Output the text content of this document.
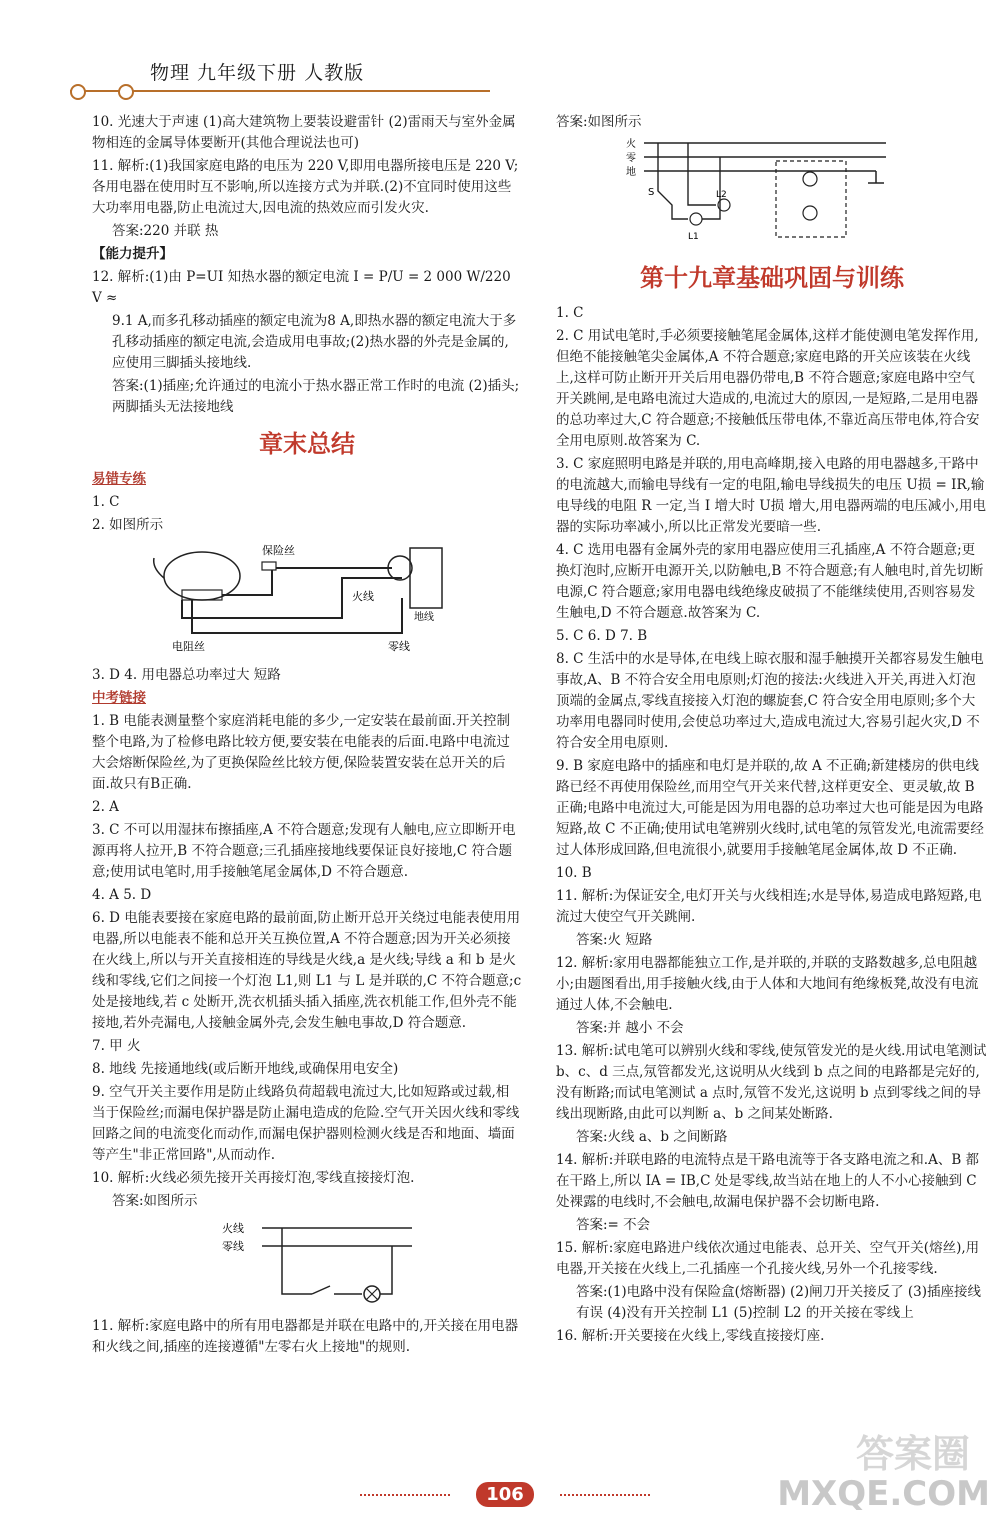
物理 九年级下册 人教版

10. 光速大于声速 (1)高大建筑物上要装设避雷针 (2)雷雨天与室外金属物相连的金属导体要断开(其他合理说法也可)

11. 解析:(1)我国家庭电路的电压为 220 V,即用电器所接电压是 220 V;各用电器在使用时互不影响,所以连接方式为并联.(2)不宜同时使用这些大功率用电器,防止电流过大,因电流的热效应而引发火灾.

答案:220 并联 热

【能力提升】

12. 解析:(1)由 P=UI 知热水器的额定电流 I = P/U = 2 000 W/220 V ≈

9.1 A,而多孔移动插座的额定电流为8 A,即热水器的额定电流大于多孔移动插座的额定电流,会造成用电事故;(2)热水器的外壳是金属的,应使用三脚插头接地线.

答案:(1)插座;允许通过的电流小于热水器正常工作时的电流 (2)插头;两脚插头无法接地线

章末总结

易错专练

1. C

2. 如图所示

保险丝
火线
地线
零线
电阻丝

3. D 4. 用电器总功率过大 短路

中考链接

1. B 电能表测量整个家庭消耗电能的多少,一定安装在最前面.开关控制整个电路,为了检修电路比较方便,要安装在电能表的后面.电路中电流过大会熔断保险丝,为了更换保险丝比较方便,保险装置安装在总开关的后面.故只有B正确.

2. A

3. C 不可以用湿抹布擦插座,A 不符合题意;发现有人触电,应立即断开电源再将人拉开,B 不符合题意;三孔插座接地线要保证良好接地,C 符合题意;使用试电笔时,用手接触笔尾金属体,D 不符合题意.

4. A 5. D

6. D 电能表要接在家庭电路的最前面,防止断开总开关绕过电能表使用用电器,所以电能表不能和总开关互换位置,A 不符合题意;因为开关必须接在火线上,所以与开关直接相连的导线是火线,a 是火线;导线 a 和 b 是火线和零线,它们之间接一个灯泡 L1,则 L1 与 L 是并联的,C 不符合题意;c 处是接地线,若 c 处断开,洗衣机插头插入插座,洗衣机能工作,但外壳不能接地,若外壳漏电,人接触金属外壳,会发生触电事故,D 符合题意.

7. 甲 火

8. 地线 先接通地线(或后断开地线,或确保用电安全)

9. 空气开关主要作用是防止线路负荷超载电流过大,比如短路或过载,相当于保险丝;而漏电保护器是防止漏电造成的危险.空气开关因火线和零线回路之间的电流变化而动作,而漏电保护器则检测火线是否和地面、墙面等产生"非正常回路",从而动作.

10. 解析:火线必须先接开关再接灯泡,零线直接接灯泡.

答案:如图所示

火线
零线

11. 解析:家庭电路中的所有用电器都是并联在电路中的,开关接在用电器和火线之间,插座的连接遵循"左零右火上接地"的规则.

答案:如图所示

火
零
地
S
L1
L2
第十九章基础巩固与训练

1. C

2. C 用试电笔时,手必须要接触笔尾金属体,这样才能使测电笔发挥作用,但绝不能接触笔尖金属体,A 不符合题意;家庭电路的开关应该装在火线上,这样可防止断开开关后用电器仍带电,B 不符合题意;家庭电路中空气开关跳闸,是电路电流过大造成的,电流过大的原因,一是短路,二是用电器的总功率过大,C 符合题意;不接触低压带电体,不靠近高压带电体,符合安全用电原则.故答案为 C.

3. C 家庭照明电路是并联的,用电高峰期,接入电路的用电器越多,干路中的电流越大,而输电导线有一定的电阻,输电导线损失的电压 U损 = IR,输电导线的电阻 R 一定,当 I 增大时 U损 增大,用电器两端的电压减小,用电器的实际功率减小,所以比正常发光要暗一些.

4. C 选用电器有金属外壳的家用电器应使用三孔插座,A 不符合题意;更换灯泡时,应断开电源开关,以防触电,B 不符合题意;有人触电时,首先切断电源,C 符合题意;家用电器电线绝缘皮破损了不能继续使用,否则容易发生触电,D 不符合题意.故答案为 C.

5. C 6. D 7. B

8. C 生活中的水是导体,在电线上晾衣服和湿手触摸开关都容易发生触电事故,A、B 不符合安全用电原则;灯泡的接法:火线进入开关,再进入灯泡顶端的金属点,零线直接接入灯泡的螺旋套,C 符合安全用电原则;多个大功率用电器同时使用,会使总功率过大,造成电流过大,容易引起火灾,D 不符合安全用电原则.

9. B 家庭电路中的插座和电灯是并联的,故 A 不正确;新建楼房的供电线路已经不再使用保险丝,而用空气开关来代替,这样更安全、更灵敏,故 B 正确;电路中电流过大,可能是因为用电器的总功率过大也可能是因为电路短路,故 C 不正确;使用试电笔辨别火线时,试电笔的氖管发光,电流需要经过人体形成回路,但电流很小,就要用手接触笔尾金属体,故 D 不正确.

10. B

11. 解析:为保证安全,电灯开关与火线相连;水是导体,易造成电路短路,电流过大使空气开关跳闸.

答案:火 短路

12. 解析:家用电器都能独立工作,是并联的,并联的支路数越多,总电阻越小;由题图看出,用手接触火线,由于人体和大地间有绝缘板凳,故没有电流通过人体,不会触电.

答案:并 越小 不会

13. 解析:试电笔可以辨别火线和零线,使氖管发光的是火线.用试电笔测试 b、c、d 三点,氖管都发光,这说明从火线到 b 点之间的电路都是完好的,没有断路;而试电笔测试 a 点时,氖管不发光,这说明 b 点到零线之间的导线出现断路,由此可以判断 a、b 之间某处断路.

答案:火线 a、b 之间断路

14. 解析:并联电路的电流特点是干路电流等于各支路电流之和.A、B 都在干路上,所以 IA = IB,C 处是零线,故当站在地上的人不小心接触到 C 处裸露的电线时,不会触电,故漏电保护器不会切断电路.

答案:= 不会

15. 解析:家庭电路进户线依次通过电能表、总开关、空气开关(熔丝),用电器,开关接在火线上,二孔插座一个孔接火线,另外一个孔接零线.

答案:(1)电路中没有保险盒(熔断器) (2)闸刀开关接反了 (3)插座接线有误 (4)没有开关控制 L1 (5)控制 L2 的开关接在零线上

16. 解析:开关要接在火线上,零线直接接灯座.

106
答案圈
MXQE.COM
